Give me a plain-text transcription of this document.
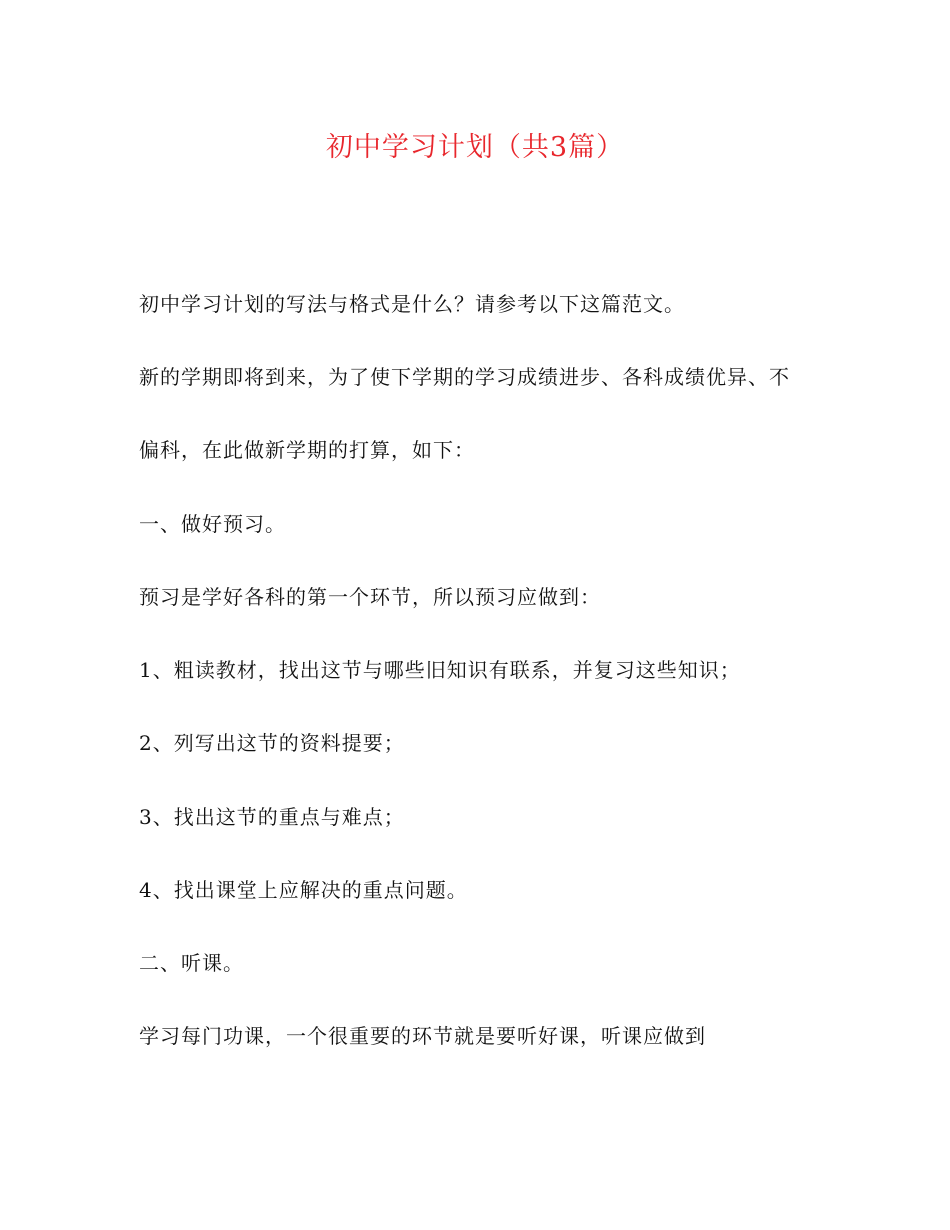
初中学习计划（共3篇）

初中学习计划的写法与格式是什么？请参考以下这篇范文。

新的学期即将到来，为了使下学期的学习成绩进步、各科成绩优异、不

偏科，在此做新学期的打算，如下：

一、做好预习。

预习是学好各科的第一个环节，所以预习应做到：

1、粗读教材，找出这节与哪些旧知识有联系，并复习这些知识；

2、列写出这节的资料提要；

3、找出这节的重点与难点；

4、找出课堂上应解决的重点问题。

二、听课。

学习每门功课，一个很重要的环节就是要听好课，听课应做到
